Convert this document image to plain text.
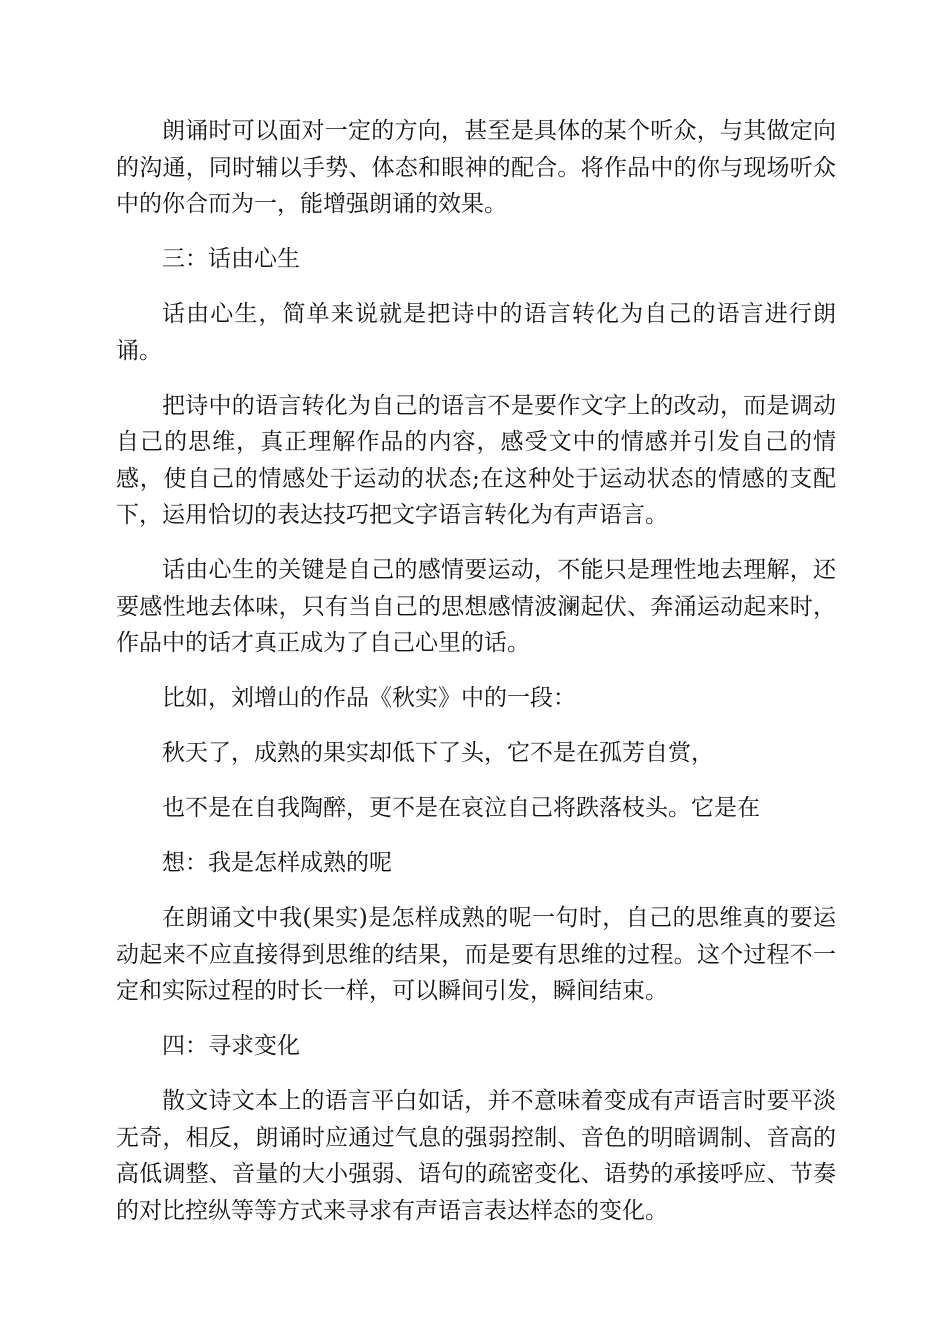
朗诵时可以面对一定的方向，甚至是具体的某个听众，与其做定向的沟通，同时辅以手势、体态和眼神的配合。将作品中的你与现场听众中的你合而为一，能增强朗诵的效果。

三：话由心生

话由心生，简单来说就是把诗中的语言转化为自己的语言进行朗诵。

把诗中的语言转化为自己的语言不是要作文字上的改动，而是调动自己的思维，真正理解作品的内容，感受文中的情感并引发自己的情感，使自己的情感处于运动的状态;在这种处于运动状态的情感的支配下，运用恰切的表达技巧把文字语言转化为有声语言。

话由心生的关键是自己的感情要运动，不能只是理性地去理解，还要感性地去体味，只有当自己的思想感情波澜起伏、奔涌运动起来时，作品中的话才真正成为了自己心里的话。

比如，刘增山的作品《秋实》中的一段：

秋天了，成熟的果实却低下了头，它不是在孤芳自赏，

也不是在自我陶醉，更不是在哀泣自己将跌落枝头。它是在

想：我是怎样成熟的呢

在朗诵文中我(果实)是怎样成熟的呢一句时，自己的思维真的要运动起来不应直接得到思维的结果，而是要有思维的过程。这个过程不一定和实际过程的时长一样，可以瞬间引发，瞬间结束。

四：寻求变化

散文诗文本上的语言平白如话，并不意味着变成有声语言时要平淡无奇，相反，朗诵时应通过气息的强弱控制、音色的明暗调制、音高的高低调整、音量的大小强弱、语句的疏密变化、语势的承接呼应、节奏的对比控纵等等方式来寻求有声语言表达样态的变化。
